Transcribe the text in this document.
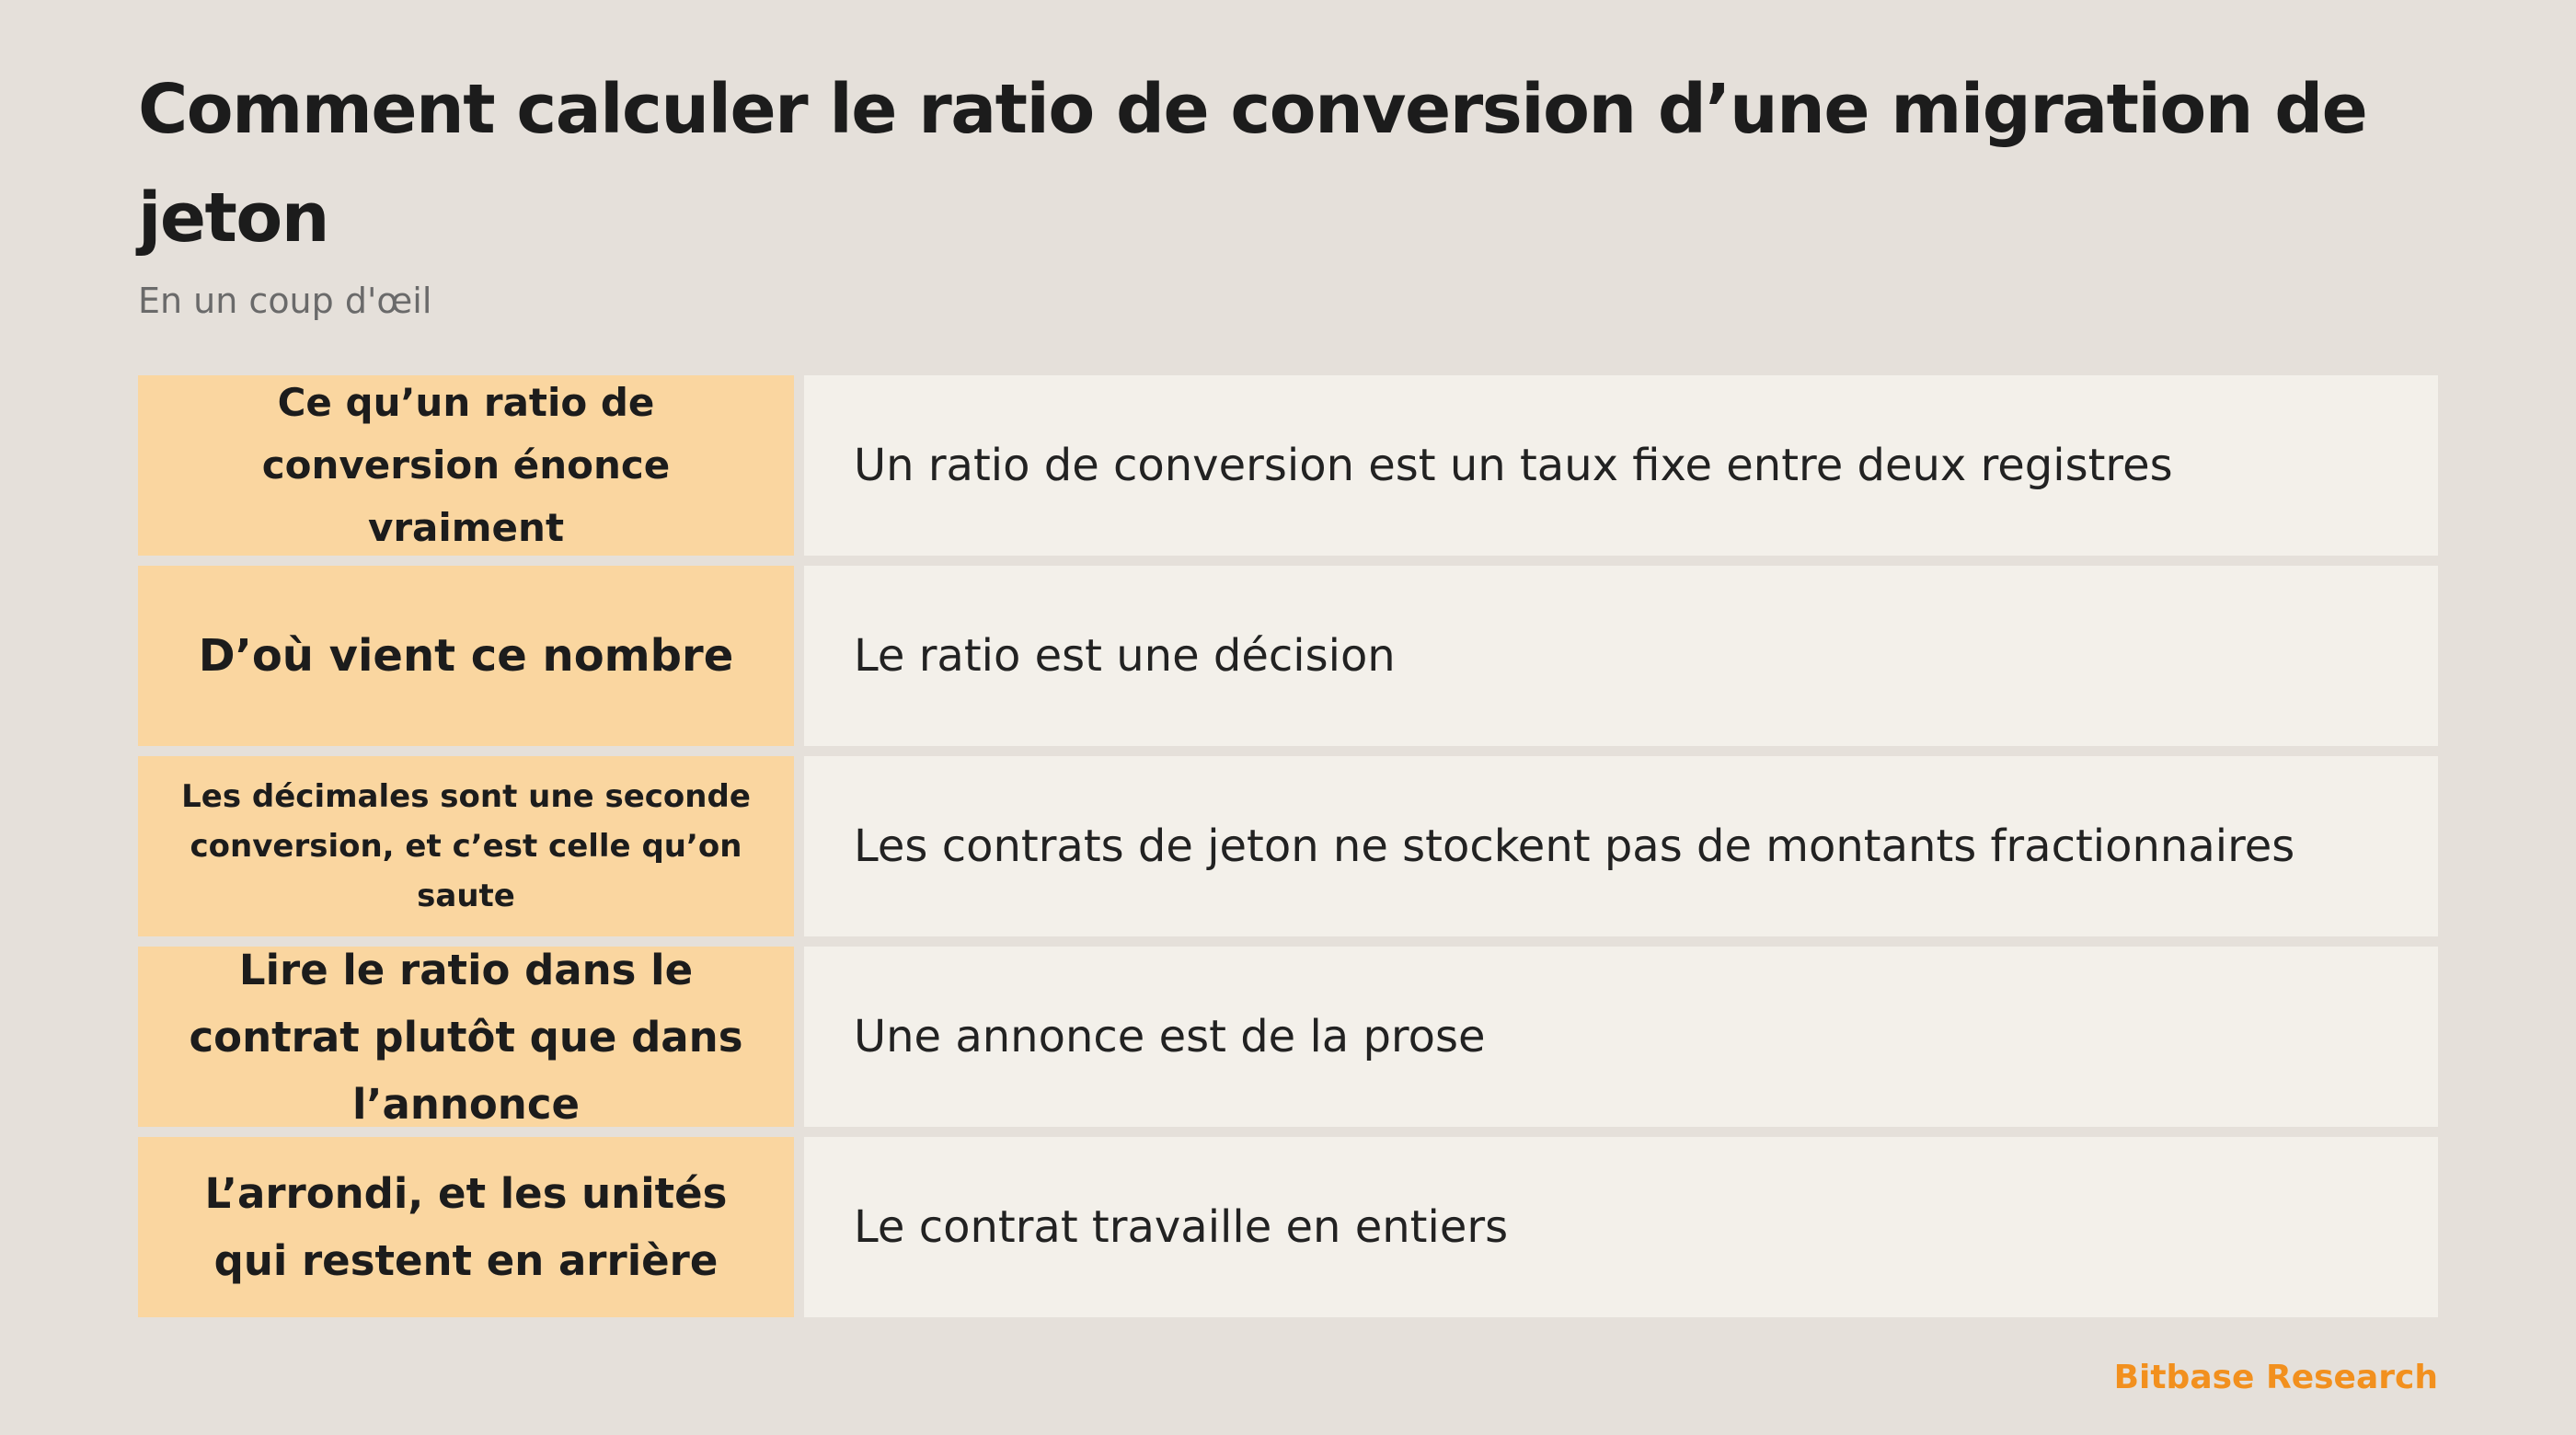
Comment calculer le ratio de conversion d’une migration de jeton
En un coup d'œil
Ce qu’un ratio de conversion énonce vraiment
Un ratio de conversion est un taux fixe entre deux registres
D’où vient ce nombre	Le ratio est une décision
Les décimales sont une seconde conversion, et c’est celle qu’on saute
Les contrats de jeton ne stockent pas de montants fractionnaires
Lire le ratio dans le contrat plutôt que dans l’annonce
Une annonce est de la prose
L’arrondi, et les unités qui restent en arrière
Le contrat travaille en entiers
Bitbase Research
